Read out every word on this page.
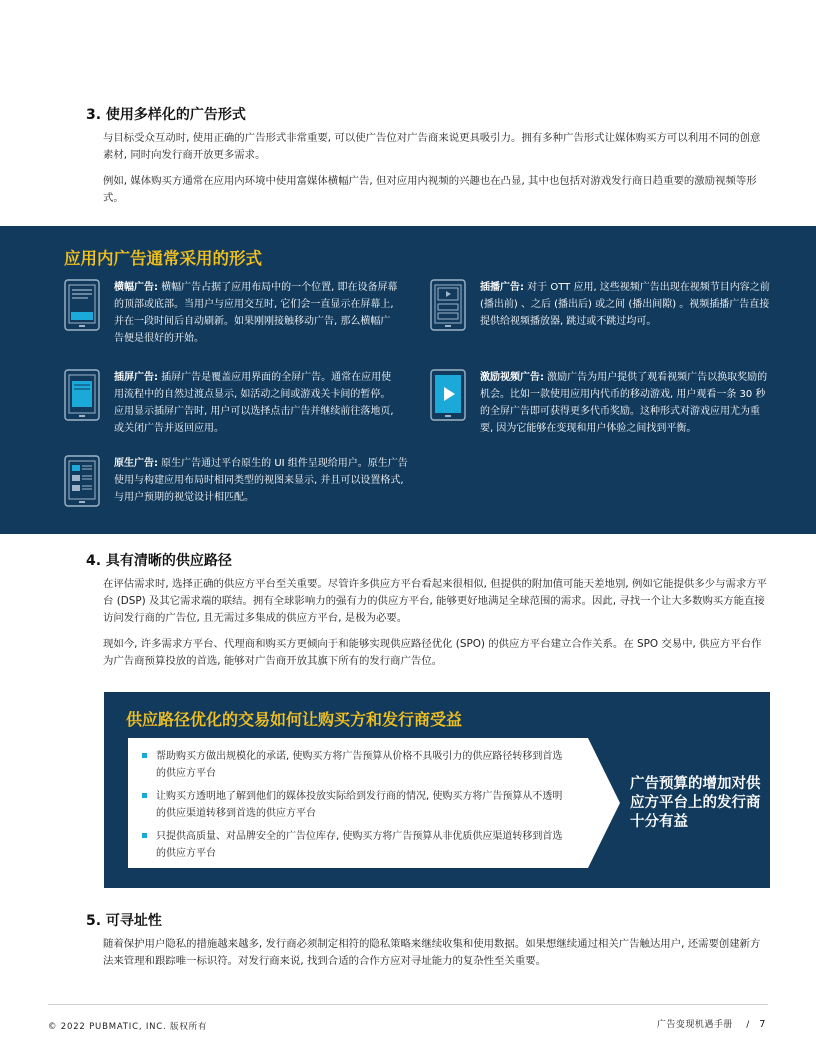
3. 使用多样化的广告形式
与目标受众互动时, 使用正确的广告形式非常重要, 可以使广告位对广告商来说更具吸引力。拥有多种广告形式让媒体购买方可以利用不同的创意素材, 同时向发行商开放更多需求。
例如, 媒体购买方通常在应用内环境中使用富媒体横幅广告, 但对应用内视频的兴趣也在凸显, 其中也包括对游戏发行商日趋重要的激励视频等形式。
应用内广告通常采用的形式
横幅广告: 横幅广告占据了应用布局中的一个位置, 即在设备屏幕的顶部或底部。当用户与应用交互时, 它们会一直显示在屏幕上, 并在一段时间后自动刷新。如果刚刚接触移动广告, 那么横幅广告便是很好的开始。
插屏广告: 插屏广告是覆盖应用界面的全屏广告。通常在应用使用流程中的自然过渡点显示, 如活动之间或游戏关卡间的暂停。应用显示插屏广告时, 用户可以选择点击广告并继续前往落地页, 或关闭广告并返回应用。
原生广告: 原生广告通过平台原生的 UI 组件呈现给用户。原生广告使用与构建应用布局时相同类型的视图来显示, 并且可以设置格式, 与用户预期的视觉设计相匹配。
插播广告: 对于 OTT 应用, 这些视频广告出现在视频节目内容之前 (播出前) 、之后 (播出后) 或之间 (播出间隙) 。视频插播广告直接提供给视频播放器, 跳过或不跳过均可。
激励视频广告: 激励广告为用户提供了观看视频广告以换取奖励的机会。比如一款使用应用内代币的移动游戏, 用户观看一条 30 秒的全屏广告即可获得更多代币奖励。这种形式对游戏应用尤为重要, 因为它能够在变现和用户体验之间找到平衡。
4. 具有清晰的供应路径
在评估需求时, 选择正确的供应方平台至关重要。尽管许多供应方平台看起来很相似, 但提供的附加值可能天差地别, 例如它能提供多少与需求方平台 (DSP) 及其它需求端的联结。拥有全球影响力的强有力的供应方平台, 能够更好地满足全球范围的需求。因此, 寻找一个让大多数购买方能直接访问发行商的广告位, 且无需过多集成的供应方平台, 是极为必要。
现如今, 许多需求方平台、代理商和购买方更倾向于和能够实现供应路径优化 (SPO) 的供应方平台建立合作关系。在 SPO 交易中, 供应方平台作为广告商预算投放的首选, 能够对广告商开放其旗下所有的发行商广告位。
供应路径优化的交易如何让购买方和发行商受益
帮助购买方做出规模化的承诺, 使购买方将广告预算从价格不具吸引力的供应路径转移到首选的供应方平台
让购买方透明地了解到他们的媒体投放实际给到发行商的情况, 使购买方将广告预算从不透明的供应渠道转移到首选的供应方平台
只提供高质量、对品牌安全的广告位库存, 使购买方将广告预算从非优质供应渠道转移到首选的供应方平台
广告预算的增加对供应方平台上的发行商十分有益
5. 可寻址性
随着保护用户隐私的措施越来越多, 发行商必须制定相符的隐私策略来继续收集和使用数据。如果想继续通过相关广告触达用户, 还需要创建新方法来管理和跟踪唯一标识符。对发行商来说, 找到合适的合作方应对寻址能力的复杂性至关重要。
© 2022 PUBMATIC, INC. 版权所有	广告变现机遇手册 / 7
